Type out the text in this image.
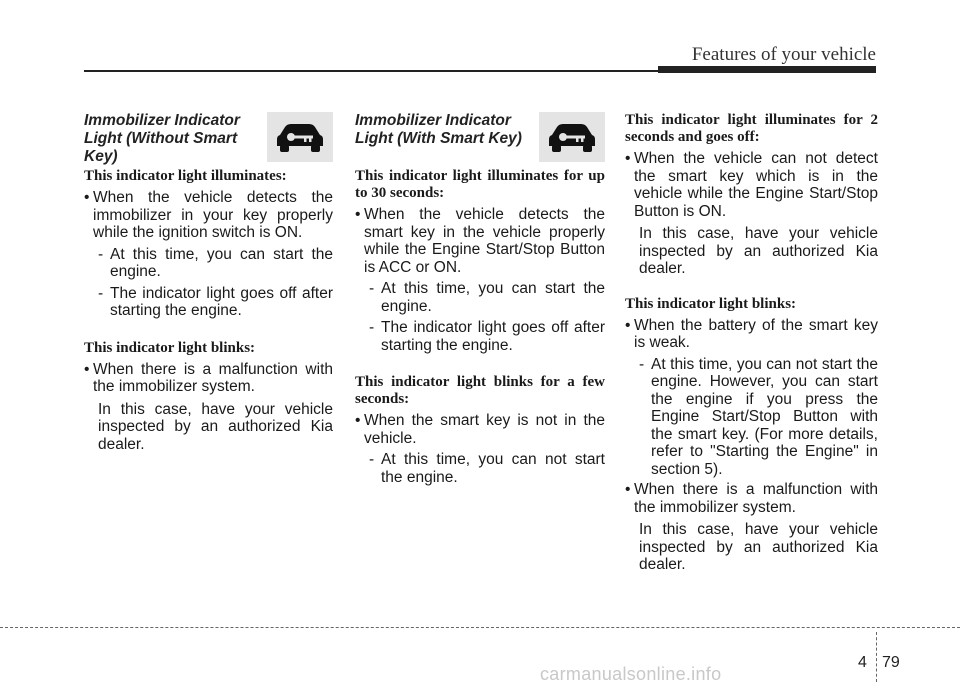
Features of your vehicle
Immobilizer Indicator
Light (Without Smart Key)

This indicator light illuminates:

• When the vehicle detects the immobilizer in your key properly while the ignition switch is ON.
- At this time, you can start the engine.
- The indicator light goes off after starting the engine.

This indicator light blinks:

• When there is a malfunction with the immobilizer system.

In this case, have your vehicle inspected by an authorized Kia dealer.

Immobilizer Indicator
Light (With Smart Key)

This indicator light illuminates for up to 30 seconds:

• When the vehicle detects the smart key in the vehicle properly while the Engine Start/Stop Button is ACC or ON.
- At this time, you can start the engine.
- The indicator light goes off after starting the engine.

This indicator light blinks for a few seconds:

• When the smart key is not in the vehicle.
- At this time, you can not start the engine.

This indicator light illuminates for 2 seconds and goes off:

• When the vehicle can not detect the smart key which is in the vehicle while the Engine Start/Stop Button is ON.

In this case, have your vehicle inspected by an authorized Kia dealer.

This indicator light blinks:

• When the battery of the smart key is weak.
- At this time, you can not start the engine. However, you can start the engine if you press the Engine Start/Stop Button with the smart key. (For more details, refer to "Starting the Engine" in section 5).
• When there is a malfunction with the immobilizer system.

In this case, have your vehicle inspected by an authorized Kia dealer.

4 79
carmanualsonline.info
